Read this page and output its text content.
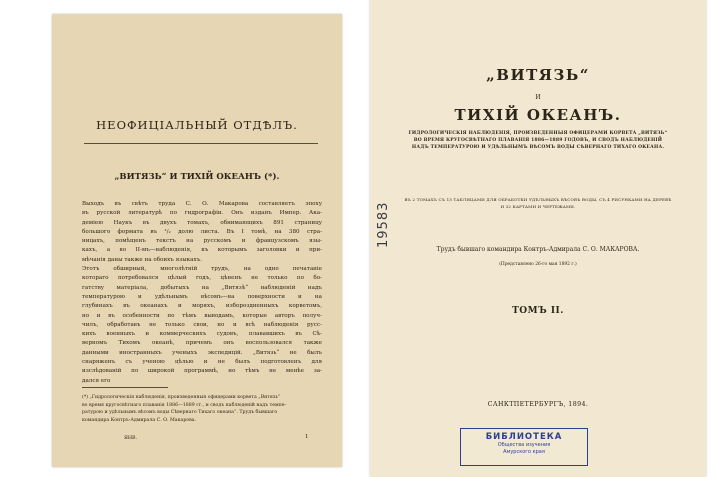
НЕОФИЦІАЛЬНЫЙ ОТДѢЛЪ.
„ВИТЯЗЬ“ И ТИХІЙ ОКЕАНЪ (*).
Выходъ въ свѣтъ труда С. О. Макарова составляетъ эпоху
въ русской литературѣ по гидрографіи. Онъ изданъ Импер. Ака-
деміею Наукъ въ двухъ томахъ, обнимающихъ 891 страницу
большого формата въ ¹/₂ долю листа. Въ I томѣ, на 380 стра-
ницахъ, помѣщенъ текстъ на русскомъ и французскомъ язы-
кахъ, а во II-мъ—наблюденія, къ которымъ заголовки и при-
мѣчанія даны также на обоихъ языкахъ.
Этотъ обширный, многолѣтній трудъ, на одно печатаніе
котораго потребовался цѣлый годъ, цѣненъ не только по бо-
гатству матеріала, добытыхъ на „Витязѣ“ наблюденій надъ
температурою и удѣльнымъ вѣсомъ—на поверхности и на
глубинахъ въ океанахъ и моряхъ, избороздненныхъ корветомъ,
но и въ особенности по тѣмъ выводамъ, которые авторъ получ-
чилъ, обработавъ не только свои, но и всѣ наблюденія русс-
кихъ военныхъ и коммерческихъ судовъ, плававшихъ въ Сѣ-
верномъ Тихомъ океанѣ, причемъ онъ воспользовался также
данными иностранныхъ ученыхъ экспедицій. „Витязь“ не былъ
снаряженъ съ ученою цѣлью и не былъ подготовленъ для
изслѣдованій по широкой программѣ, но тѣмъ не менѣе за-
дался его
(*) „Гидрологическія наблюденія, произведенныя офицерами корвета „Витязь“
во время кругосвѣтнаго плаванія 1886—1889 гг., и сводъ наблюденій надъ темпе-
ратурою и удѣльнымъ вѣсомъ воды Сѣвернаго Тихаго океана“. Трудъ бывшаго
командира Контръ-Адмирала С. О. Макарова.
ЯНВ.	1
„ВИТЯЗЬ“
И
ТИХІЙ ОКЕАНЪ.
ГИДРОЛОГИЧЕСКІЯ НАБЛЮДЕНІЯ, ПРОИЗВЕДЕННЫЯ ОФИЦЕРАМИ КОРВЕТА „ВИТЯЗЬ“
ВО ВРЕМЯ КРУГОСВѢТНАГО ПЛАВАНІЯ 1886—1889 ГОДОВЪ, И СВОДЪ НАБЛЮДЕНІЙ
НАДЪ ТЕМПЕРАТУРОЮ И УДѢЛЬНЫМЪ ВѢСОМЪ ВОДЫ СѢВЕРНАГО ТИХАГО ОКЕАНА.
ВЪ 2 ТОМАХЪ СЪ 15 ТАБЛИЦАМИ ДЛЯ ОБРАБОТКИ УДѢЛЬНЫХЪ ВѢСОВЪ ВОДЫ, СЪ 4 РИСУНКАМИ НА ДЕРЕВѢ
И 32 КАРТАМИ И ЧЕРТЕЖАМИ.
Трудъ бывшаго командира Контръ-Адмирала С. О. МАКАРОВА.
(Представлено 26-го мая 1892 г.)
ТОМЪ II.
САНКТПЕТЕРБУРГЪ, 1894.
19583
БИБЛИОТЕКА
Общества изучения
Амурского края
